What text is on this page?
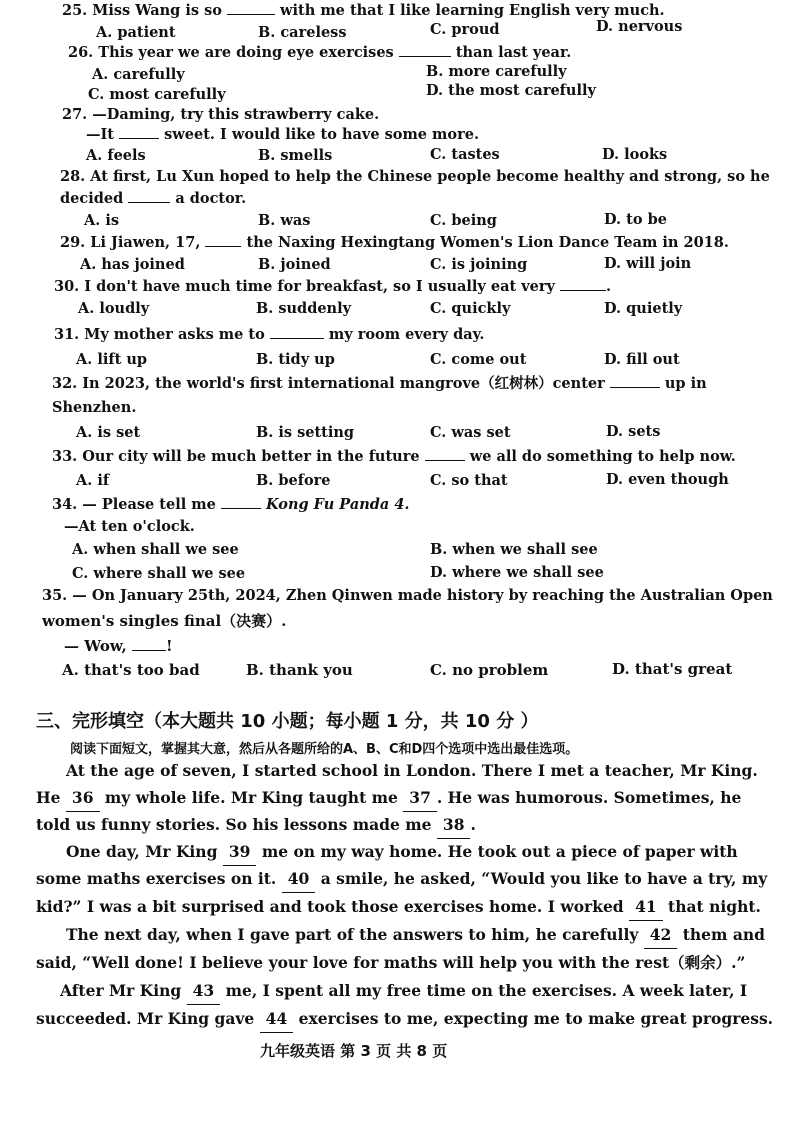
25. Miss Wang is so	with me that I like learning English very much.
A. patient	B. careless	C. proud	D. nervous
26. This year we are doing eye exercises	than last year.
A. carefully	B. more carefully
C. most carefully	D. the most carefully
27. —Daming, try this strawberry cake.
—It	sweet. I would like to have some more.
A. feels	B. smells	C. tastes	D. looks
28. At first, Lu Xun hoped to help the Chinese people become healthy and strong, so he
decided	a doctor.
A. is	B. was	C. being	D. to be
29. Li Jiawen, 17,	the Naxing Hexingtang Women's Lion Dance Team in 2018.
A. has joined	B. joined	C. is joining	D. will join
30. I don't have much time for breakfast, so I usually eat very	.
A. loudly	B. suddenly	C. quickly	D. quietly
31. My mother asks me to	my room every day.
A. lift up	B. tidy up	C. come out	D. fill out
32. In 2023, the world's first international mangrove（红树林）center	up in
Shenzhen.
A. is set	B. is setting	C. was set	D. sets
33. Our city will be much better in the future	we all do something to help now.
A. if	B. before	C. so that	D. even though
34. — Please tell me	Kong Fu Panda 4.
—At ten o'clock.
A. when shall we see	B. when we shall see
C. where shall we see	D. where we shall see
35. — On January 25th, 2024, Zhen Qinwen made history by reaching the Australian Open
women's singles final（决赛）.
— Wow,	!
A. that's too bad	B. thank you	C. no problem	D. that's great
三、完形填空（本大题共 10 小题；每小题 1 分，共 10 分 ）
阅读下面短文，掌握其大意，然后从各题所给的A、B、C和D四个选项中选出最佳选项。
At the age of seven, I started school in London. There I met a teacher, Mr King.
He 36 my whole life. Mr King taught me 37 . He was humorous. Sometimes, he
told us funny stories. So his lessons made me 38 .
One day, Mr King 39 me on my way home. He took out a piece of paper with
some maths exercises on it. 40 a smile, he asked, “Would you like to have a try, my
kid?” I was a bit surprised and took those exercises home. I worked 41 that night.
The next day, when I gave part of the answers to him, he carefully 42 them and
said, “Well done! I believe your love for maths will help you with the rest（剩余）.”
After Mr King 43 me, I spent all my free time on the exercises. A week later, I
succeeded. Mr King gave 44 exercises to me, expecting me to make great progress.
九年级英语 第 3 页 共 8 页
